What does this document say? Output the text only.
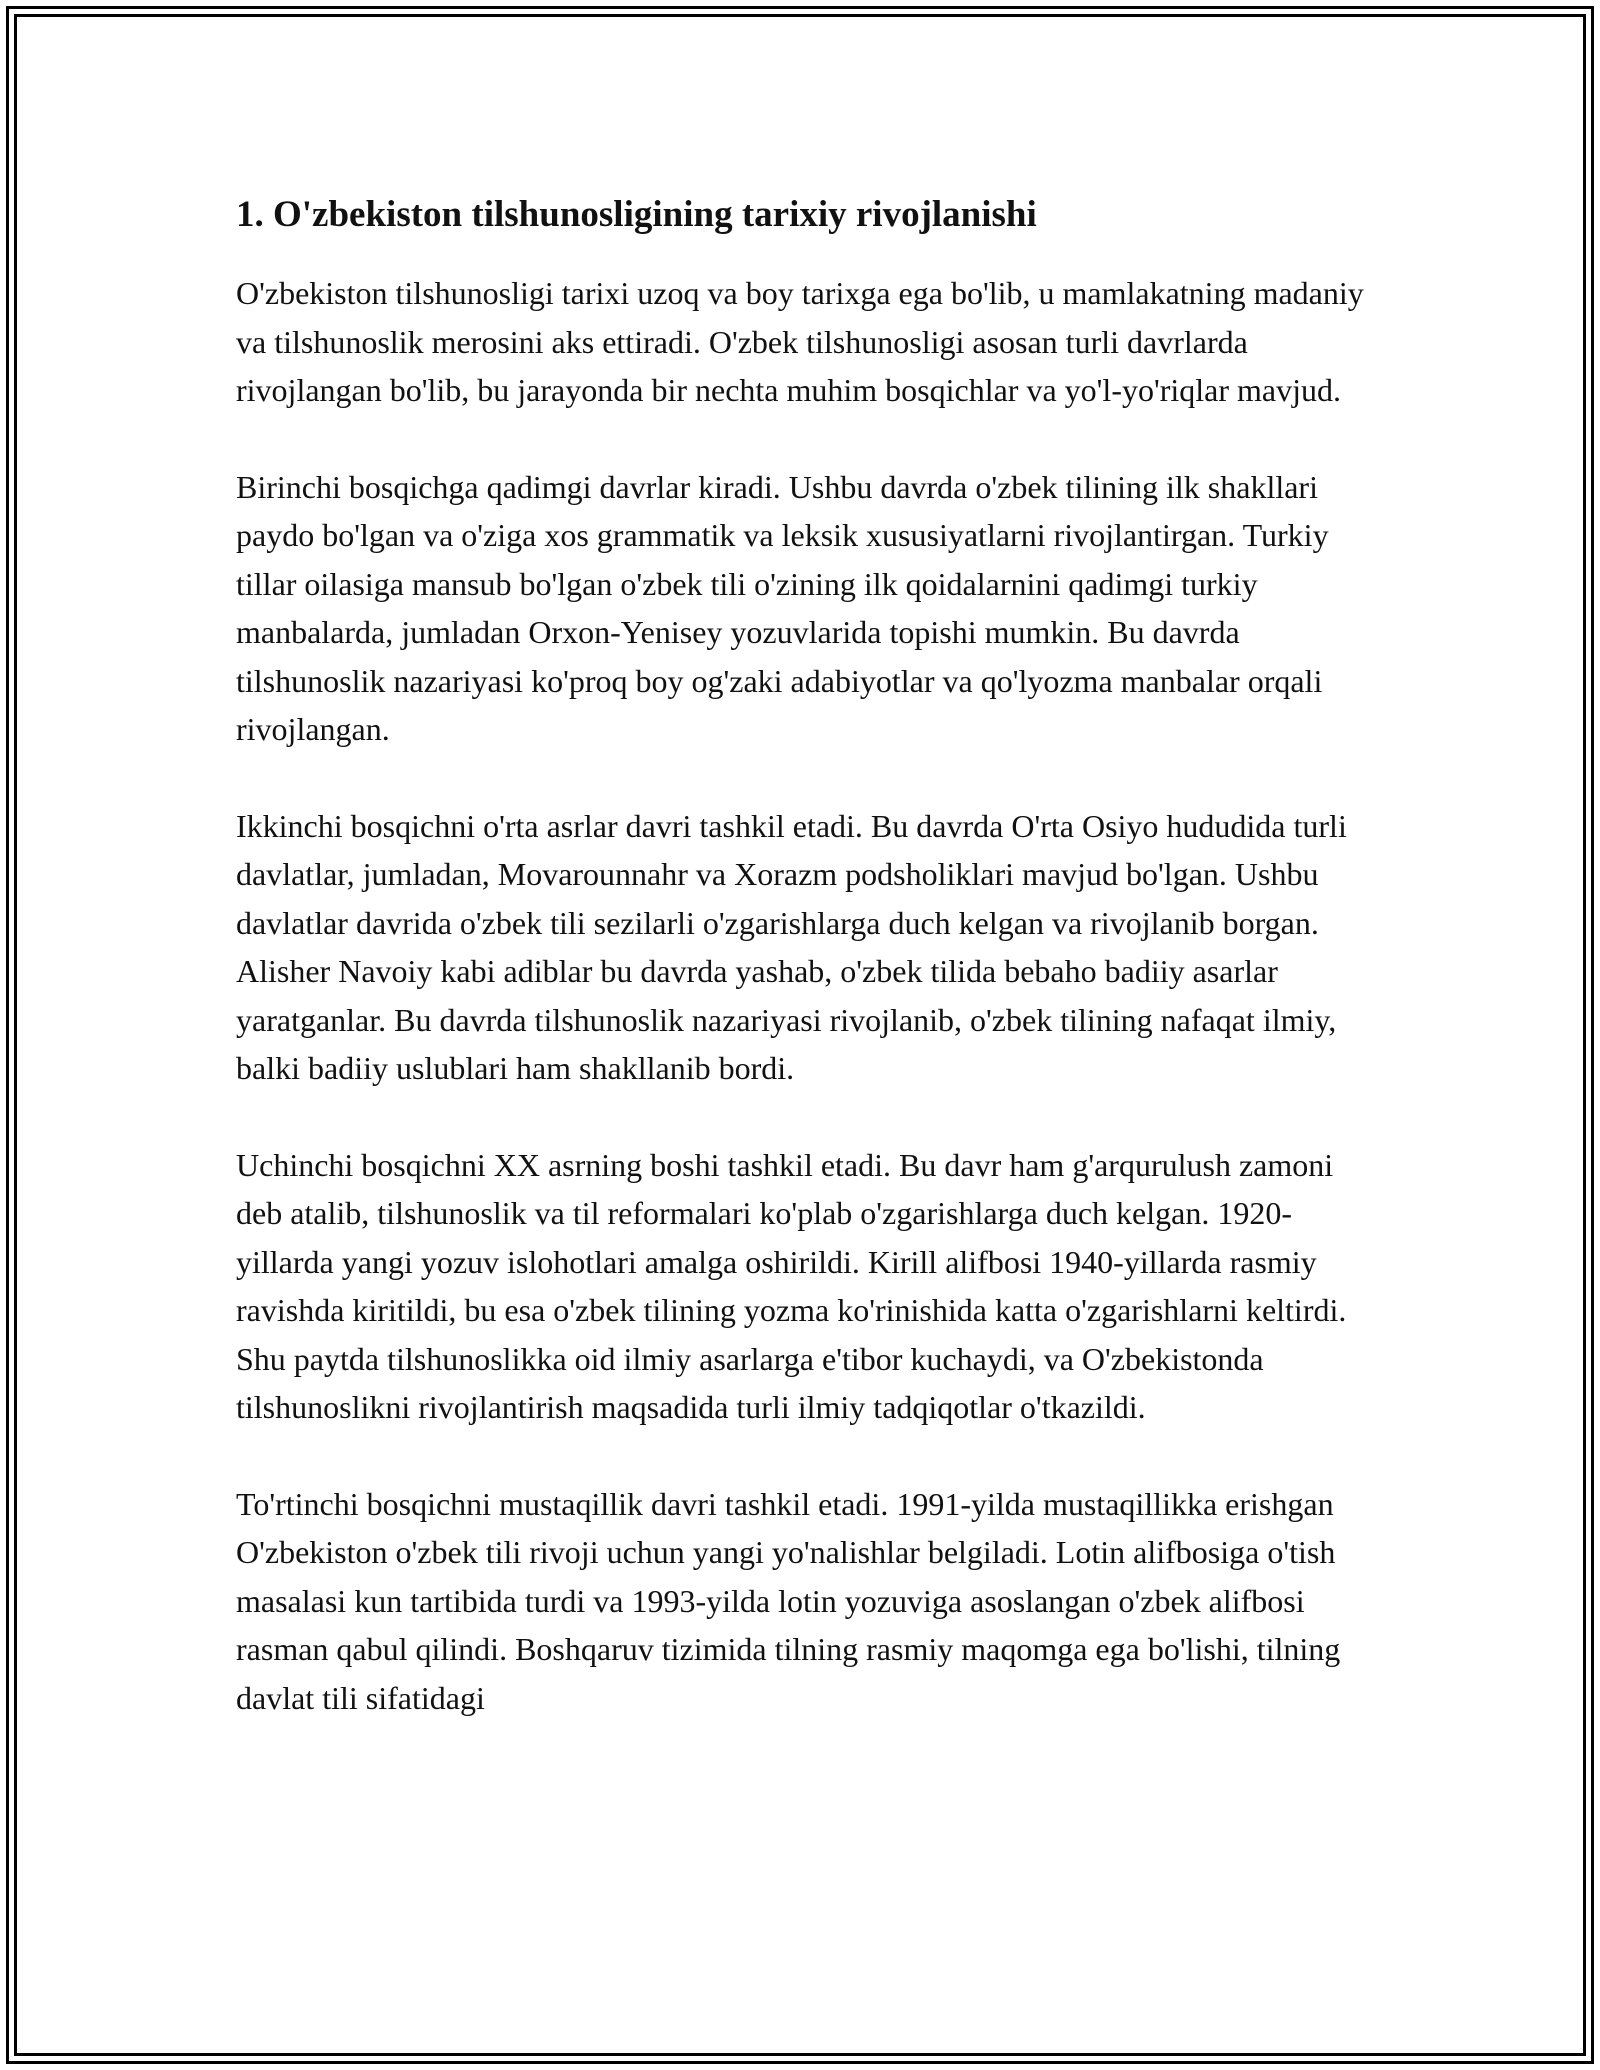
1. O'zbekiston tilshunosligining tarixiy rivojlanishi

O'zbekiston tilshunosligi tarixi uzoq va boy tarixga ega bo'lib, u mamlakatning madaniy va tilshunoslik merosini aks ettiradi. O'zbek tilshunosligi asosan turli davrlarda rivojlangan bo'lib, bu jarayonda bir nechta muhim bosqichlar va yo'l-yo'riqlar mavjud.

Birinchi bosqichga qadimgi davrlar kiradi. Ushbu davrda o'zbek tilining ilk shakllari paydo bo'lgan va o'ziga xos grammatik va leksik xususiyatlarni rivojlantirgan. Turkiy tillar oilasiga mansub bo'lgan o'zbek tili o'zining ilk qoidalarnini qadimgi turkiy manbalarda, jumladan Orxon-Yenisey yozuvlarida topishi mumkin. Bu davrda tilshunoslik nazariyasi ko'proq boy og'zaki adabiyotlar va qo'lyozma manbalar orqali rivojlangan.

Ikkinchi bosqichni o'rta asrlar davri tashkil etadi. Bu davrda O'rta Osiyo hududida turli davlatlar, jumladan, Movarounnahr va Xorazm podsholiklari mavjud bo'lgan. Ushbu davlatlar davrida o'zbek tili sezilarli o'zgarishlarga duch kelgan va rivojlanib borgan. Alisher Navoiy kabi adiblar bu davrda yashab, o'zbek tilida bebaho badiiy asarlar yaratganlar. Bu davrda tilshunoslik nazariyasi rivojlanib, o'zbek tilining nafaqat ilmiy, balki badiiy uslublari ham shakllanib bordi.

Uchinchi bosqichni XX asrning boshi tashkil etadi. Bu davr ham g'arqurulush zamoni deb atalib, tilshunoslik va til reformalari ko'plab o'zgarishlarga duch kelgan. 1920-yillarda yangi yozuv islohotlari amalga oshirildi. Kirill alifbosi 1940-yillarda rasmiy ravishda kiritildi, bu esa o'zbek tilining yozma ko'rinishida katta o'zgarishlarni keltirdi. Shu paytda tilshunoslikka oid ilmiy asarlarga e'tibor kuchaydi, va O'zbekistonda tilshunoslikni rivojlantirish maqsadida turli ilmiy tadqiqotlar o'tkazildi.

To'rtinchi bosqichni mustaqillik davri tashkil etadi. 1991-yilda mustaqillikka erishgan O'zbekiston o'zbek tili rivoji uchun yangi yo'nalishlar belgiladi. Lotin alifbosiga o'tish masalasi kun tartibida turdi va 1993-yilda lotin yozuviga asoslangan o'zbek alifbosi rasman qabul qilindi. Boshqaruv tizimida tilning rasmiy maqomga ega bo'lishi, tilning davlat tili sifatidagi
